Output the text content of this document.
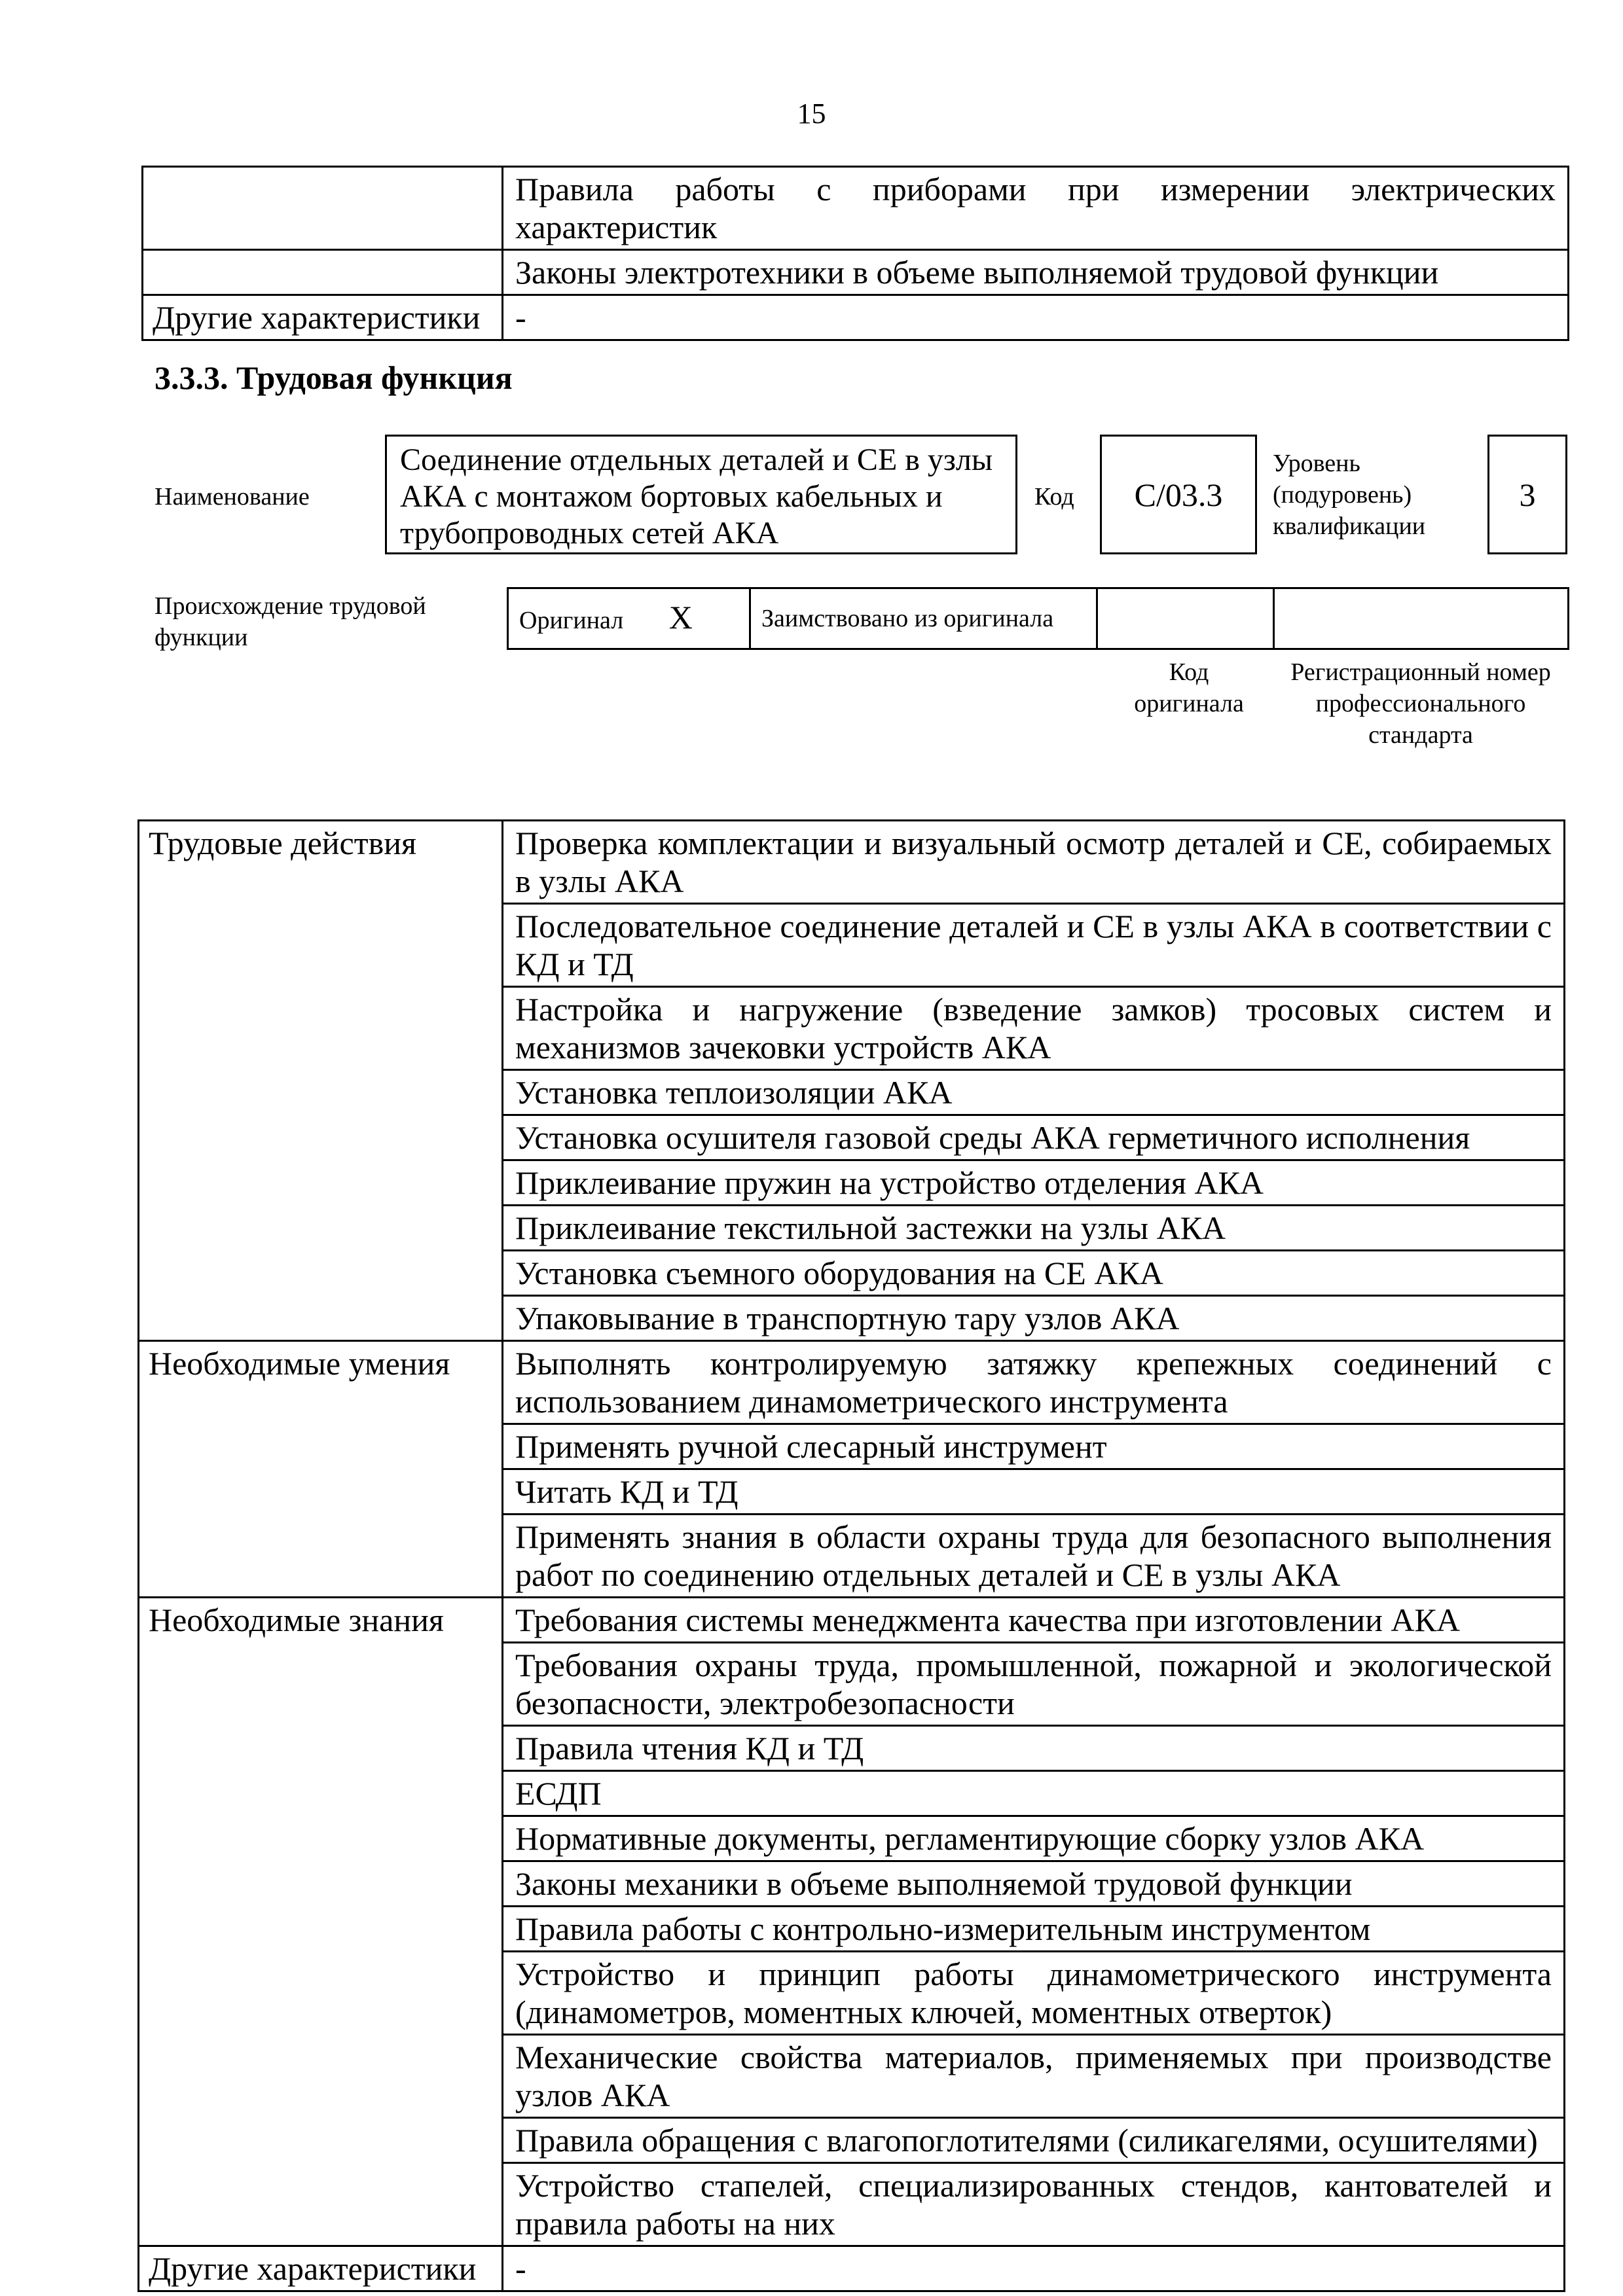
15
	Правила работы с приборами при измерении электрических характеристик
	Законы электротехники в объеме выполняемой трудовой функции
Другие характеристики	-
3.3.3. Трудовая функция
Наименование
Соединение отдельных деталей и СЕ в узлы АКА с монтажом бортовых кабельных и трубопроводных сетей АКА
Код C/03.3
Уровень (подуровень) квалификации
3
Происхождение трудовой функции
Оригинал X	Заимствовано из оригинала		
Код оригинала
Регистрационный номер профессионального стандарта
Трудовые действия	Проверка комплектации и визуальный осмотр деталей и СЕ, собираемых в узлы АКА
	Последовательное соединение деталей и СЕ в узлы АКА в соответствии с КД и ТД
	Настройка и нагружение (взведение замков) тросовых систем и механизмов зачековки устройств АКА
	Установка теплоизоляции АКА
	Установка осушителя газовой среды АКА герметичного исполнения
	Приклеивание пружин на устройство отделения АКА
	Приклеивание текстильной застежки на узлы АКА
	Установка съемного оборудования на СЕ АКА
	Упаковывание в транспортную тару узлов АКА
Необходимые умения	Выполнять контролируемую затяжку крепежных соединений с использованием динамометрического инструмента
	Применять ручной слесарный инструмент
	Читать КД и ТД
	Применять знания в области охраны труда для безопасного выполнения работ по соединению отдельных деталей и СЕ в узлы АКА
Необходимые знания	Требования системы менеджмента качества при изготовлении АКА
	Требования охраны труда, промышленной, пожарной и экологической безопасности, электробезопасности
	Правила чтения КД и ТД
	ЕСДП
	Нормативные документы, регламентирующие сборку узлов АКА
	Законы механики в объеме выполняемой трудовой функции
	Правила работы с контрольно-измерительным инструментом
	Устройство и принцип работы динамометрического инструмента (динамометров, моментных ключей, моментных отверток)
	Механические свойства материалов, применяемых при производстве узлов АКА
	Правила обращения с влагопоглотителями (силикагелями, осушителями)
	Устройство стапелей, специализированных стендов, кантователей и правила работы на них
Другие характеристики	-
